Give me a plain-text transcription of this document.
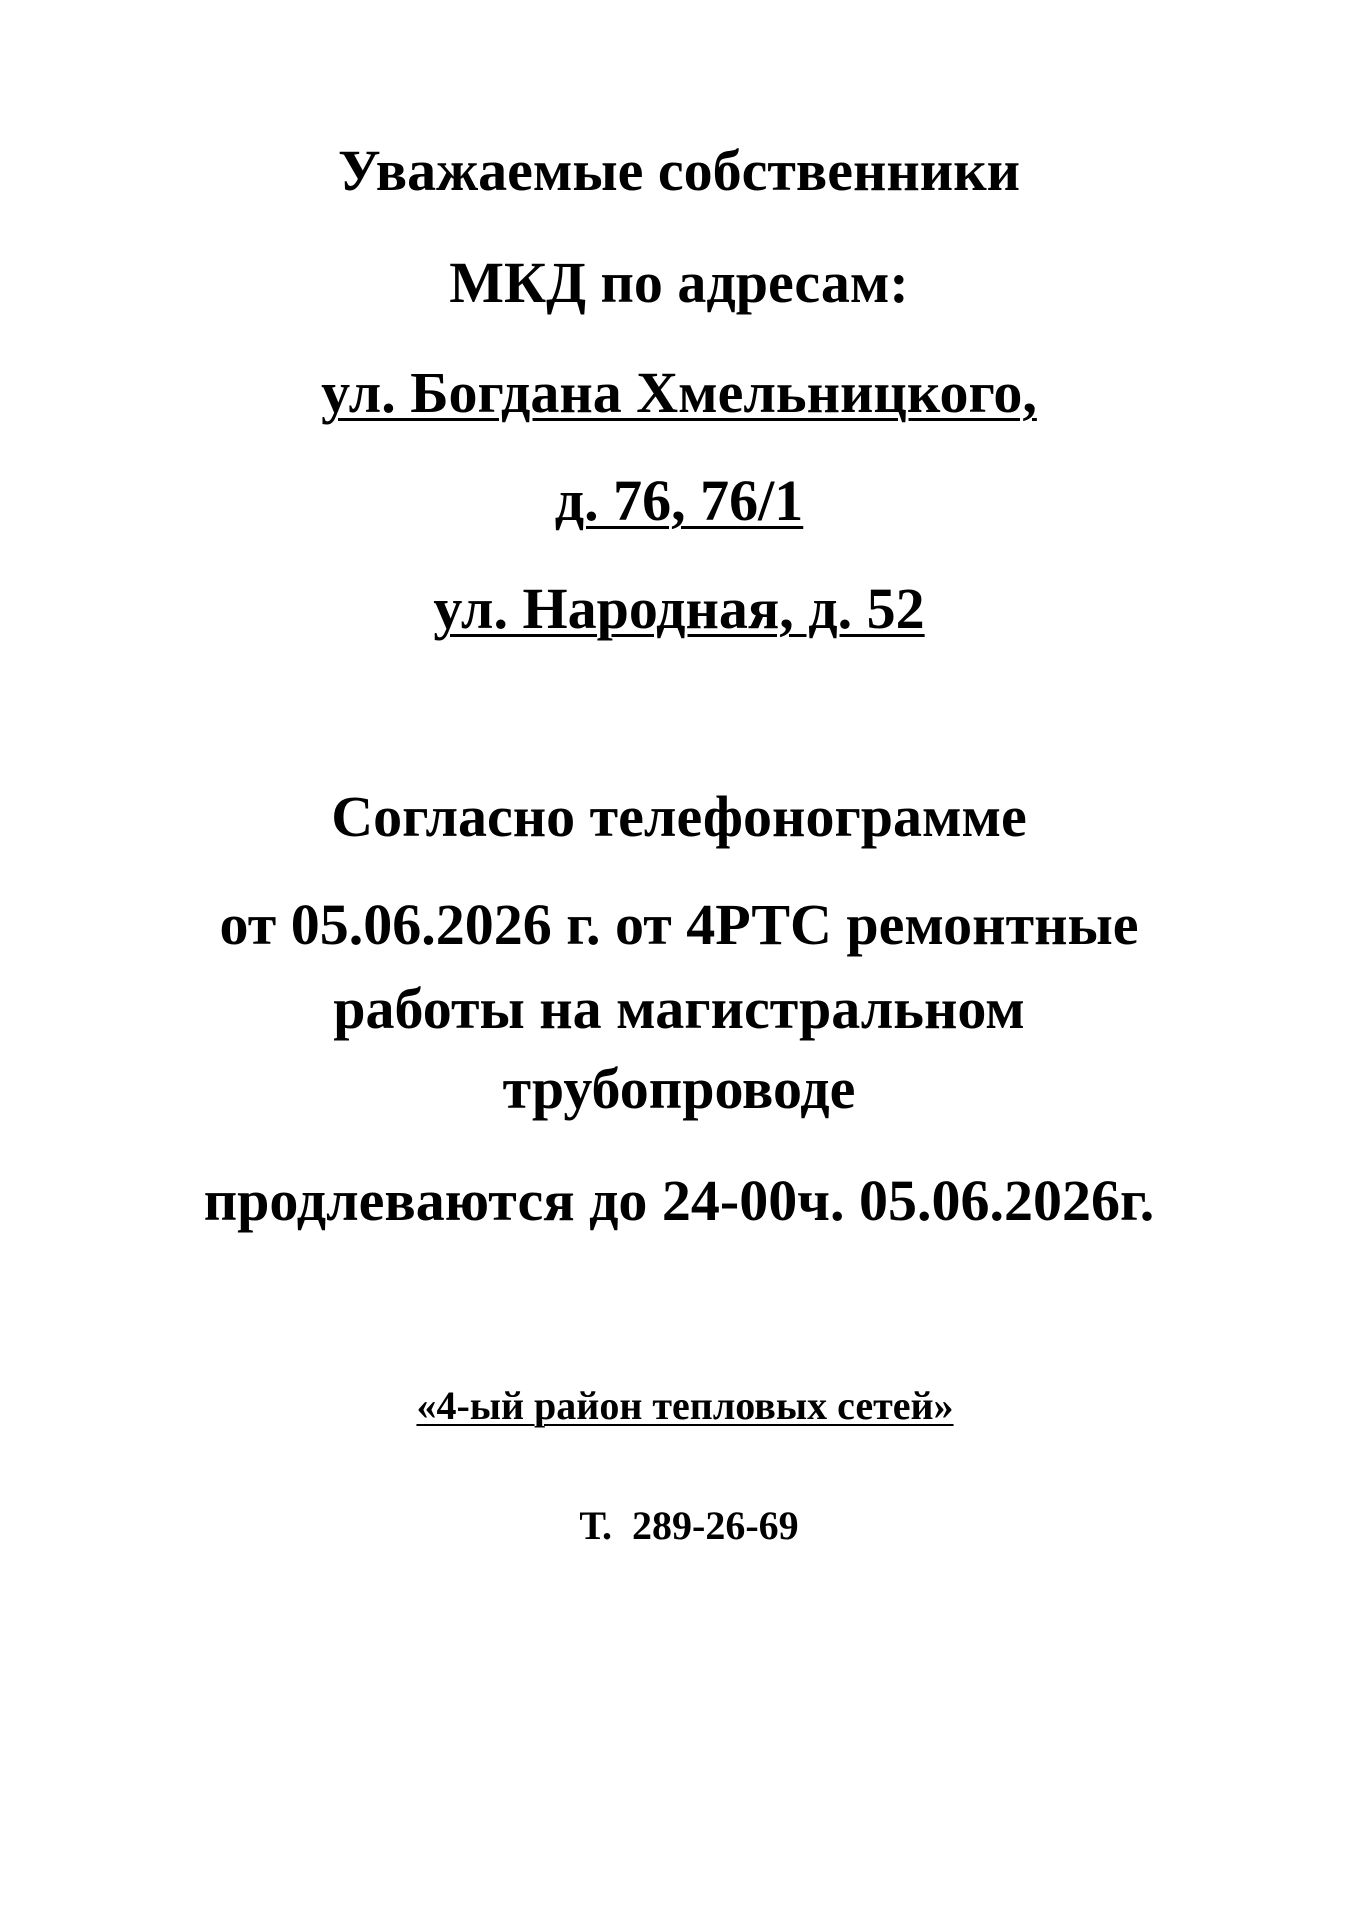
Уважаемые собственники
МКД по адресам:
ул. Богдана Хмельницкого,
д. 76, 76/1
ул. Народная, д. 52
Согласно телефонограмме
от 05.06.2026 г. от 4РТС ремонтные
работы на магистральном
трубопроводе
продлеваются до 24-00ч. 05.06.2026г.
«4-ый район тепловых сетей»

Т.  289-26-69
